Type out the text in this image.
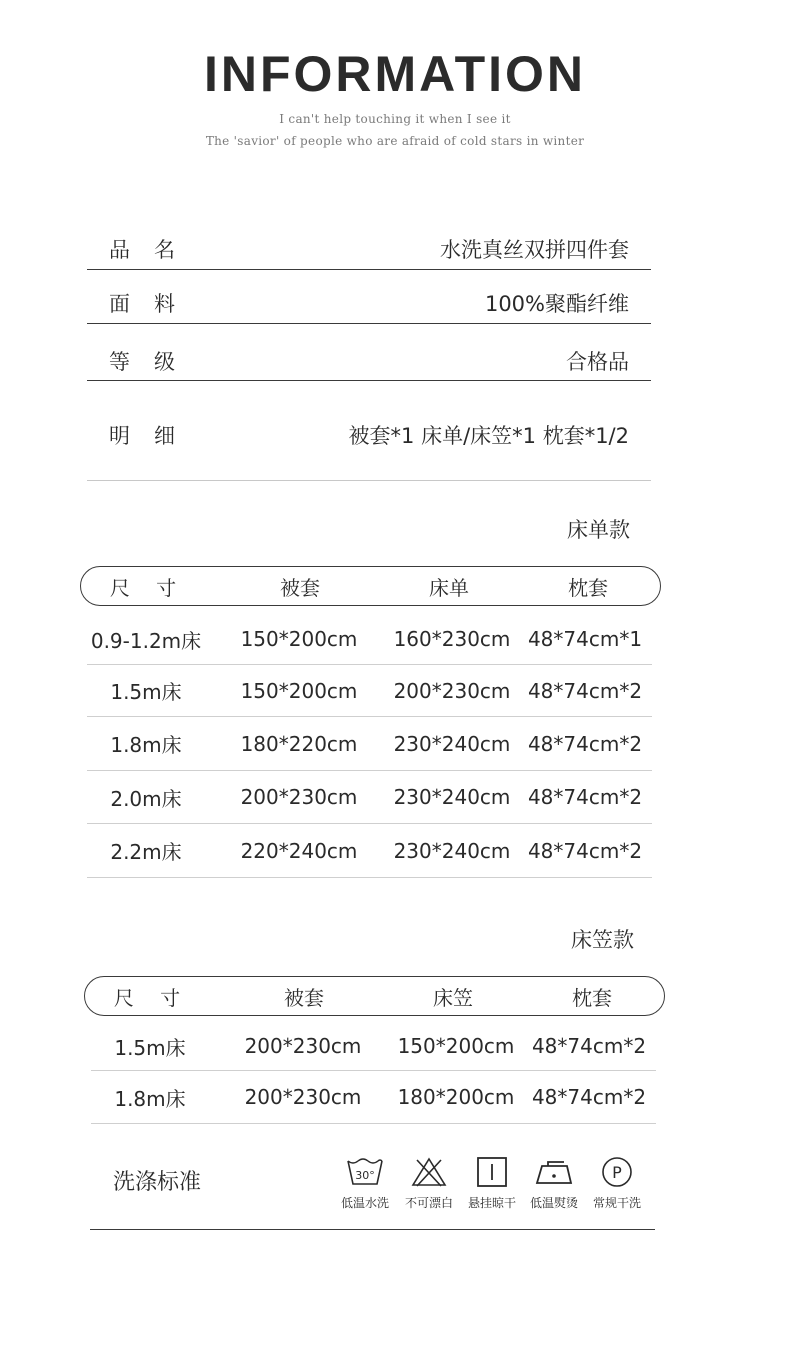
INFORMATION
I can't help touching it when I see it
The 'savior' of people who are afraid of cold stars in winter
品名	水洗真丝双拼四件套
面料	100%聚酯纤维
等级	合格品
明细	被套*1 床单/床笠*1 枕套*1/2
床单款
尺 寸	被套	床单	枕套
0.9-1.2m床 150*200cm 160*230cm 48*74cm*1
1.5m床	150*200cm 200*230cm 48*74cm*2
1.8m床	180*220cm 230*240cm 48*74cm*2
2.0m床	200*230cm 230*240cm 48*74cm*2
2.2m床	220*240cm 230*240cm 48*74cm*2
床笠款
尺 寸	被套	床笠	枕套
1.5m床	200*230cm 150*200cm 48*74cm*2
1.8m床	200*230cm 180*200cm 48*74cm*2
洗涤标准	30°
低温水洗	不可漂白	悬挂晾干	低温熨烫
P
常规干洗
